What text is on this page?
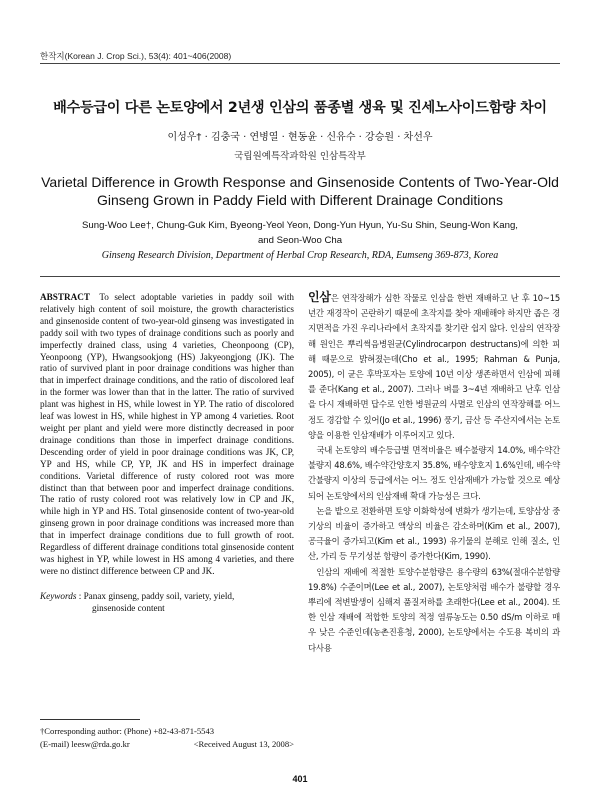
한작지(Korean J. Crop Sci.), 53(4): 401~406(2008)
배수등급이 다른 논토양에서 2년생 인삼의 품종별 생육 및 진세노사이드함량 차이
이성우† · 김충국 · 연병열 · 현동윤 · 신유수 · 강승원 · 차선우
국립원예특작과학원 인삼특작부
Varietal Difference in Growth Response and Ginsenoside Contents of Two-Year-Old Ginseng Grown in Paddy Field with Different Drainage Conditions
Sung-Woo Lee†, Chung-Guk Kim, Byeong-Yeol Yeon, Dong-Yun Hyun, Yu-Su Shin, Seung-Won Kang,
and Seon-Woo Cha
Ginseng Research Division, Department of Herbal Crop Research, RDA, Eumseng 369-873, Korea
ABSTRACT To select adoptable varieties in paddy soil with relatively high content of soil moisture, the growth characteristics and ginsenoside content of two-year-old ginseng was investigated in paddy soil with two types of drainage conditions such as poorly and imperfectly drained class, using 4 varieties, Cheonpoong (CP), Yeonpoong (YP), Hwangsookjong (HS) Jakyeongjong (JK). The ratio of survived plant in poor drainage conditions was higher than that in imperfect drainage conditions, and the ratio of discolored leaf in the former was lower than that in the latter. The ratio of survived plant was highest in HS, while lowest in YP. The ratio of discolored leaf was lowest in HS, while highest in YP among 4 varieties. Root weight per plant and yield were more distinctly decreased in poor drainage conditions than those in imperfect drainage conditions. Descending order of yield in poor drainage conditions was JK, CP, YP and HS, while CP, YP, JK and HS in imperfect drainage conditions. Varietal difference of rusty colored root was more distinct than that between poor and imperfect drainage conditions. The ratio of rusty colored root was relatively low in CP and JK, while high in YP and HS. Total ginsenoside content of two-year-old ginseng grown in poor drainage conditions was increased more than that in imperfect drainage conditions due to full growth of root. Regardless of different drainage conditions total ginsenoside content was highest in YP, while lowest in HS among 4 varieties, and there were no distinct difference between CP and JK.
Keywords : Panax ginseng, paddy soil, variety, yield,
ginsenoside content
†Corresponding author: (Phone) +82-43-871-5543
(E-mail) leesw@rda.go.kr	<Received August 13, 2008>

인삼은 연작장해가 심한 작물로 인삼을 한번 재배하고 난 후 10~15년간 재경작이 곤란하기 때문에 초작지를 찾아 재배해야 하지만 좁은 경지면적을 가진 우리나라에서 초작지를 찾기란 쉽지 않다. 인삼의 연작장해 원인은 뿌리썩음병원균(Cylindrocarpon destructans)에 의한 피해 때문으로 밝혀졌는데(Cho et al., 1995; Rahman & Punja, 2005), 이 균은 후박포자는 토양에 10년 이상 생존하면서 인삼에 피해를 준다(Kang et al., 2007). 그러나 벼를 3~4년 재배하고 난후 인삼을 다시 재배하면 답수로 인한 병원균의 사멸로 인삼의 연작장해를 어느 정도 경감할 수 있어(Jo et al., 1996) 풍기, 금산 등 주산지에서는 논토양을 이용한 인삼재배가 이루어지고 있다.

국내 논토양의 배수등급별 면적비율은 배수불량지 14.0%, 배수약간불량지 48.6%, 배수약간양호지 35.8%, 배수양호지 1.6%인데, 배수약간불량지 이상의 등급에서는 어느 정도 인삼재배가 가능할 것으로 예상되어 논토양에서의 인삼재배 확대 가능성은 크다.

논을 밭으로 전환하면 토양 이화학성에 변화가 생기는데, 토양삼상 중 기상의 비율이 증가하고 액상의 비율은 감소하며(Kim et al., 2007), 공극율이 증가되고(Kim et al., 1993) 유기물의 분해로 인해 질소, 인산, 가리 등 무기성분 함량이 증가한다(Kim, 1990).

인삼의 재배에 적절한 토양수분함량은 용수량의 63%(절대수분함량 19.8%) 수준이며(Lee et al., 2007), 논토양처럼 배수가 불량할 경우 뿌리에 적변발생이 심해져 품질저하를 초래한다(Lee et al., 2004). 또한 인삼 재배에 적합한 토양의 적정 염류농도는 0.50 dS/m 이하로 매우 낮은 수준인데(농촌진흥청, 2000), 논토양에서는 수도용 복비의 과다사용

401
